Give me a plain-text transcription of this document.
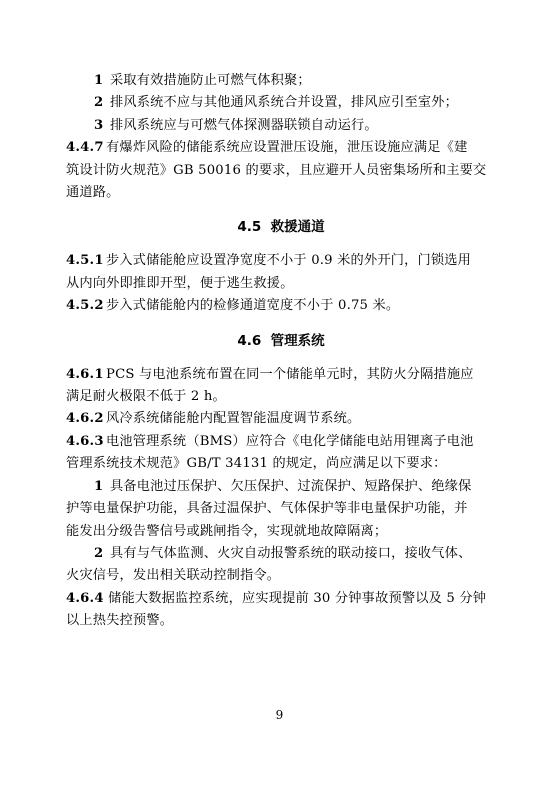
1 采取有效措施防止可燃气体积聚；
2 排风系统不应与其他通风系统合并设置，排风应引至室外；
3 排风系统应与可燃气体探测器联锁自动运行。
4.4.7 有爆炸风险的储能系统应设置泄压设施，泄压设施应满足《建
筑设计防火规范》GB 50016 的要求，且应避开人员密集场所和主要交
通道路。
4.5 救援通道
4.5.1 步入式储能舱应设置净宽度不小于 0.9 米的外开门，门锁选用
从内向外即推即开型，便于逃生救援。
4.5.2 步入式储能舱内的检修通道宽度不小于 0.75 米。
4.6 管理系统
4.6.1 PCS 与电池系统布置在同一个储能单元时，其防火分隔措施应
满足耐火极限不低于 2 h。
4.6.2 风冷系统储能舱内配置智能温度调节系统。
4.6.3 电池管理系统（BMS）应符合《电化学储能电站用锂离子电池
管理系统技术规范》GB/T 34131 的规定，尚应满足以下要求：
1 具备电池过压保护、欠压保护、过流保护、短路保护、绝缘保
护等电量保护功能，具备过温保护、气体保护等非电量保护功能，并
能发出分级告警信号或跳闸指令，实现就地故障隔离；
2 具有与气体监测、火灾自动报警系统的联动接口，接收气体、
火灾信号，发出相关联动控制指令。
4.6.4 储能大数据监控系统，应实现提前 30 分钟事故预警以及 5 分钟
以上热失控预警。
9
